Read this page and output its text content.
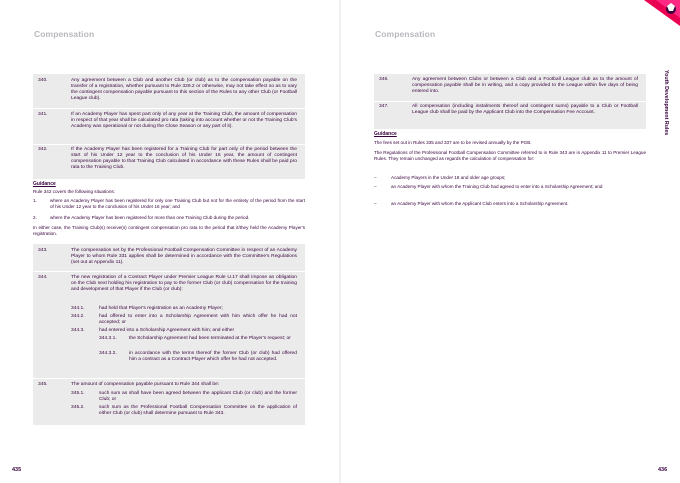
Compensation
340.	Any agreement between a Club and another Club (or club) as to the compensation payable on the transfer of a registration, whether pursuant to Rule 329.2 or otherwise, may not take effect so as to vary the contingent compensation payable pursuant to this section of the Rules to any other Club (or Football League club).
341.	If an Academy Player has spent part only of any year at the Training Club, the amount of compensation in respect of that year shall be calculated pro rata (taking into account whether or not the Training Club's Academy was operational or not during the Close Season or any part of it).
342.	If the Academy Player has been registered for a Training Club for part only of the period between the start of his Under 12 year to the conclusion of his Under 16 year, the amount of contingent compensation payable to that Training Club calculated in accordance with these Rules shall be paid pro rata to the Training Club.
Guidance
Rule 342 covers the following situations:
1.	where an Academy Player has been registered for only one Training Club but not for the entirety of the period from the start of his Under 12 year to the conclusion of his Under 16 year; and
2.	where the Academy Player has been registered for more than one Training Club during the period.
In either case, the Training Club(s) receive(s) contingent compensation pro rata to the period that it/they held the Academy Player's registration.
343.	The compensation set by the Professional Football Compensation Committee in respect of an Academy Player to whom Rule 331 applies shall be determined in accordance with the Committee's Regulations (set out at Appendix 11).
344.	The new registration of a Contract Player under Premier League Rule U.17 shall impose an obligation on the Club next holding his registration to pay to the former Club (or club) compensation for the training and development of that Player if the Club (or club):
344.1.	had held that Player's registration as an Academy Player;
344.2.	had offered to enter into a Scholarship Agreement with him which offer he had not accepted; or
344.3.	had entered into a Scholarship Agreement with him; and either
344.3.1.	the Scholarship Agreement had been terminated at the Player's request; or
344.3.2.	in accordance with the terms thereof the former Club (or club) had offered him a contract as a Contract Player which offer he had not accepted.
345.	The amount of compensation payable pursuant to Rule 344 shall be:
345.1.	such sum as shall have been agreed between the applicant Club (or club) and the former Club; or
345.2.	such sum as the Professional Football Compensation Committee on the application of either Club (or club) shall determine pursuant to Rule 343.
435
Compensation
Youth Development Rules
346.	Any agreement between Clubs or between a Club and a Football League club as to the amount of compensation payable shall be in writing, and a copy provided to the League within five days of being entered into.
347.	All compensation (including instalments thereof and contingent sums) payable to a Club or Football League club shall be paid by the Applicant Club into the Compensation Fee Account.
Guidance
The fees set out in Rules 335 and 337 are to be revised annually by the PGB.
The Regulations of the Professional Football Compensation Committee referred to in Rule 343 are in Appendix 11 to Premier League Rules. They remain unchanged as regards the calculation of compensation for:
–	Academy Players in the Under 18 and older age groups;
–	an Academy Player with whom the Training Club had agreed to enter into a Scholarship Agreement; and
–	an Academy Player with whom the Applicant Club enters into a Scholarship Agreement.
436
